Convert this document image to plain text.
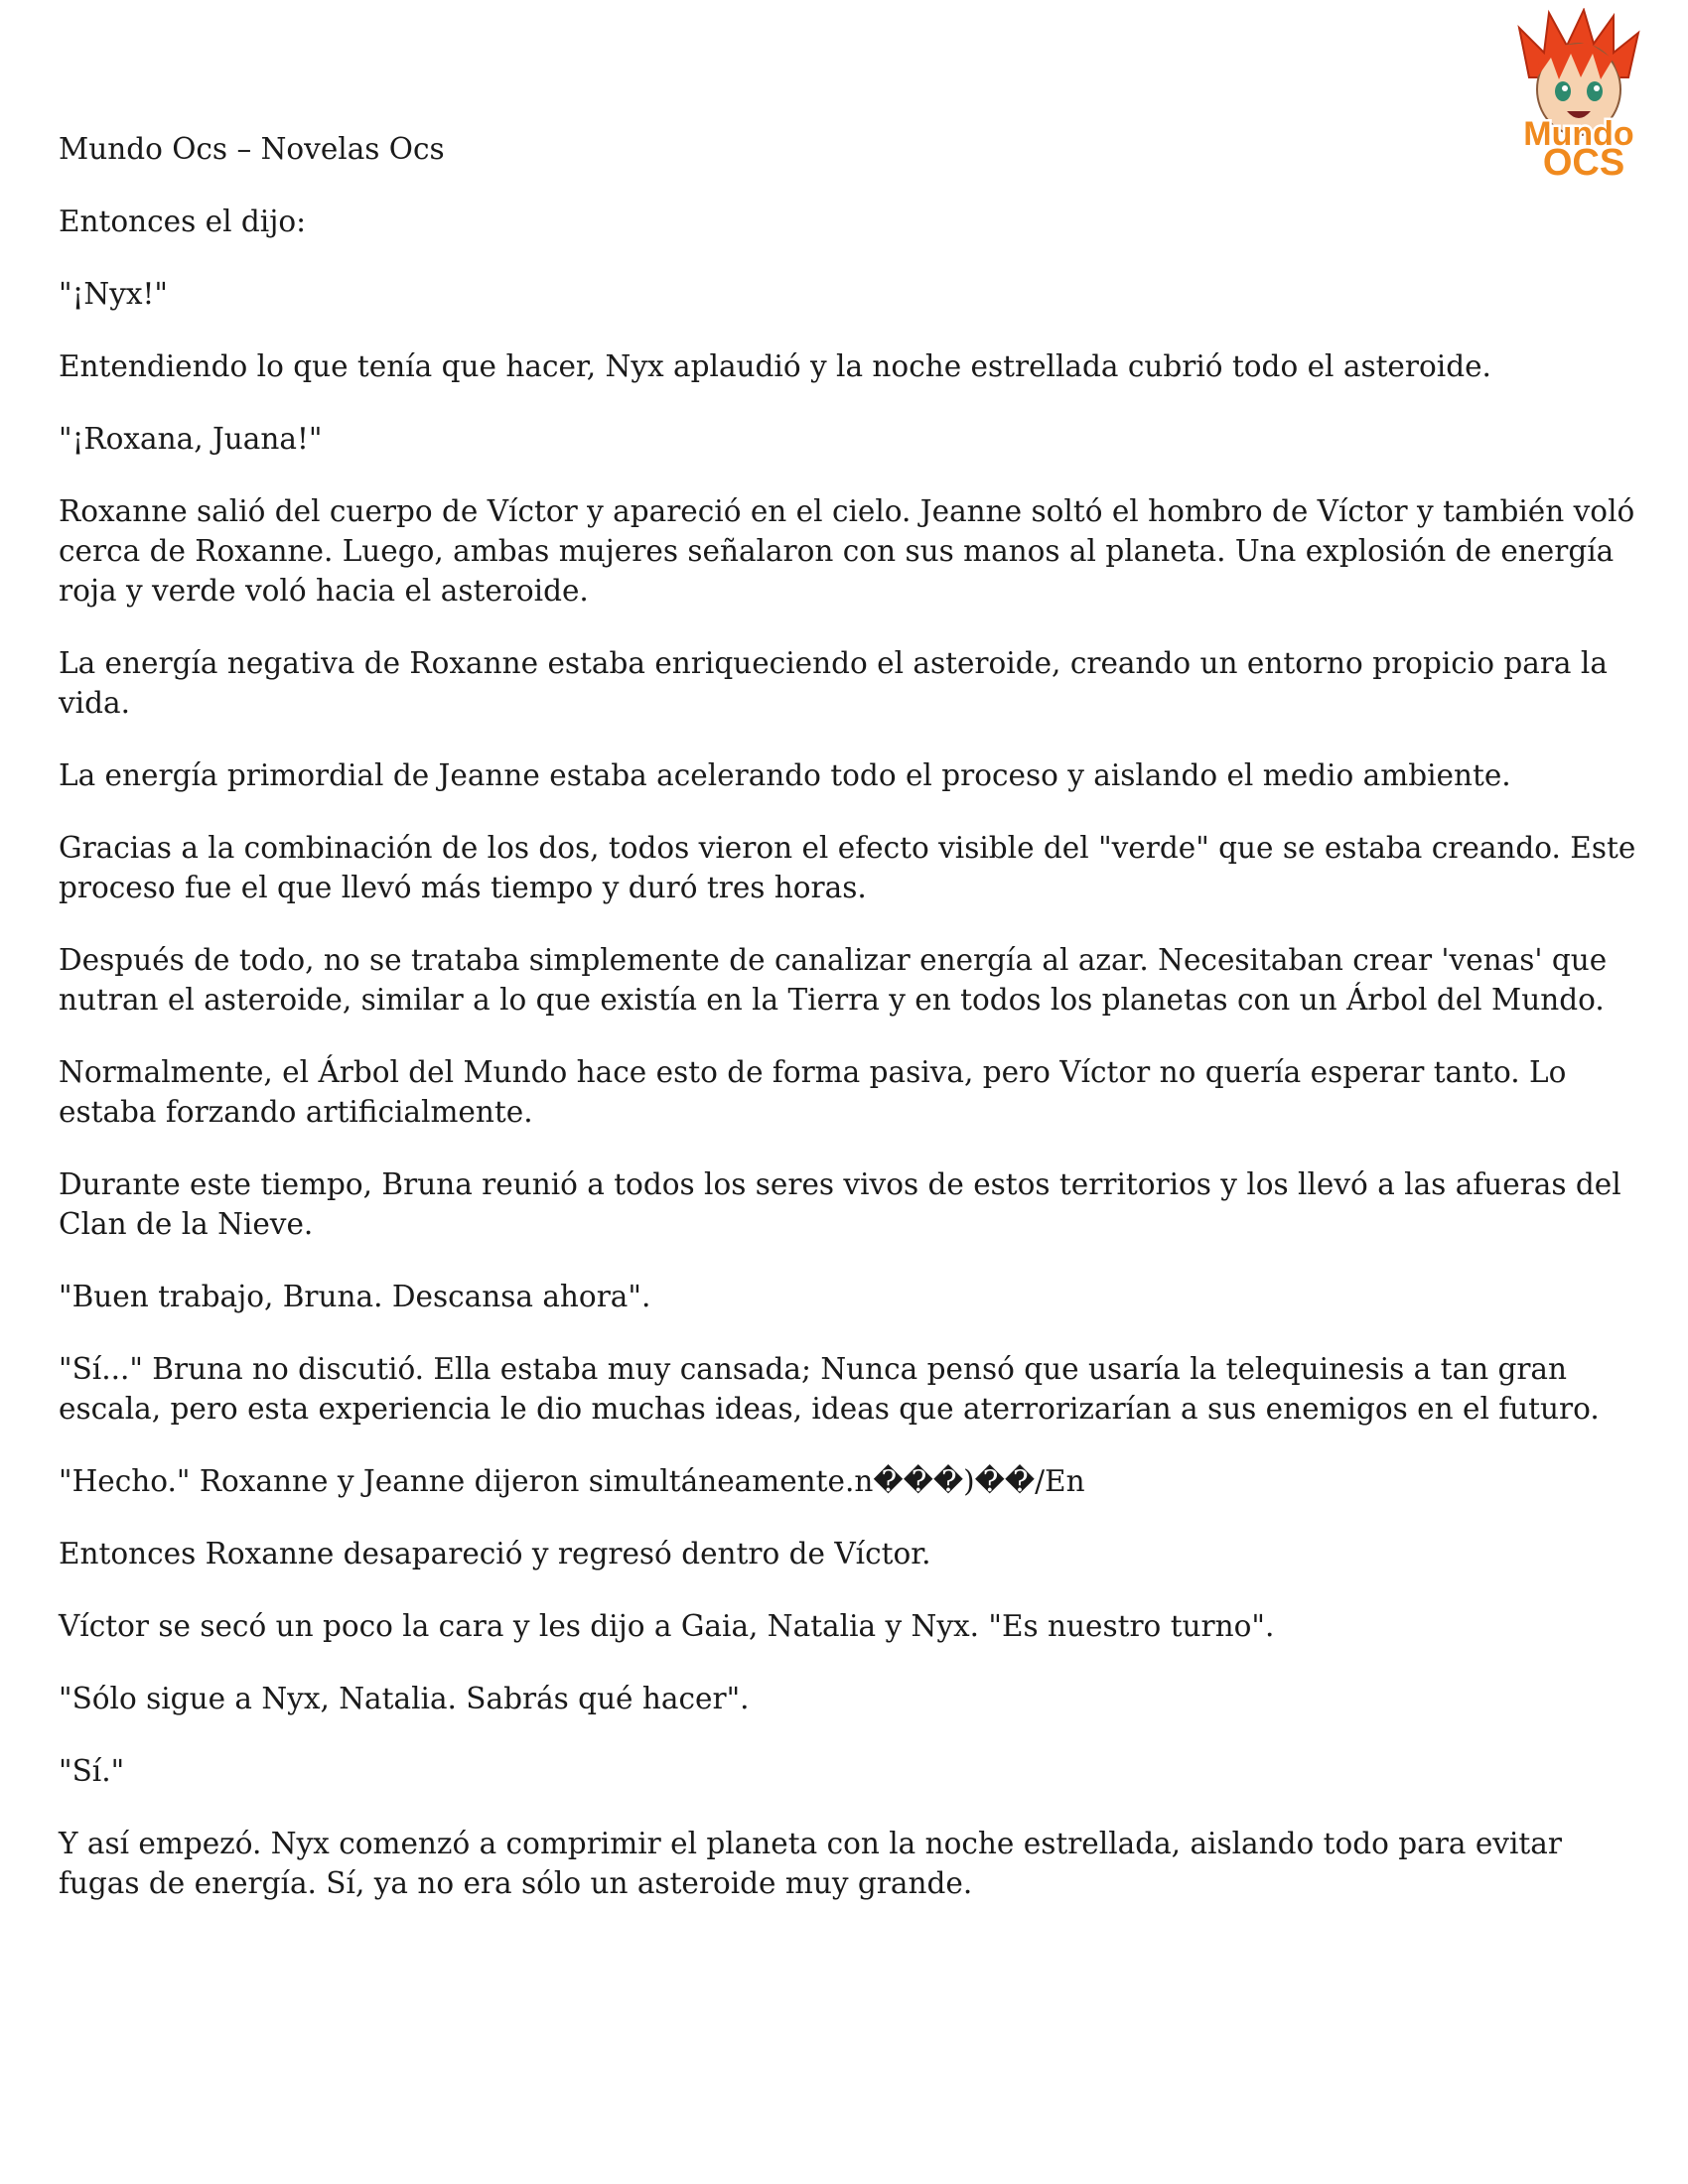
Mundo
OCS

Mundo Ocs – Novelas Ocs

Entonces el dijo:

"¡Nyx!"

Entendiendo lo que tenía que hacer, Nyx aplaudió y la noche estrellada cubrió todo el asteroide.

"¡Roxana, Juana!"

Roxanne salió del cuerpo de Víctor y apareció en el cielo. Jeanne soltó el hombro de Víctor y también voló cerca de Roxanne. Luego, ambas mujeres señalaron con sus manos al planeta. Una explosión de energía roja y verde voló hacia el asteroide.

La energía negativa de Roxanne estaba enriqueciendo el asteroide, creando un entorno propicio para la vida.

La energía primordial de Jeanne estaba acelerando todo el proceso y aislando el medio ambiente.

Gracias a la combinación de los dos, todos vieron el efecto visible del "verde" que se estaba creando. Este proceso fue el que llevó más tiempo y duró tres horas.

Después de todo, no se trataba simplemente de canalizar energía al azar. Necesitaban crear 'venas' que nutran el asteroide, similar a lo que existía en la Tierra y en todos los planetas con un Árbol del Mundo.

Normalmente, el Árbol del Mundo hace esto de forma pasiva, pero Víctor no quería esperar tanto. Lo estaba forzando artificialmente.

Durante este tiempo, Bruna reunió a todos los seres vivos de estos territorios y los llevó a las afueras del Clan de la Nieve.

"Buen trabajo, Bruna. Descansa ahora".

"Sí..." Bruna no discutió. Ella estaba muy cansada; Nunca pensó que usaría la telequinesis a tan gran escala, pero esta experiencia le dio muchas ideas, ideas que aterrorizarían a sus enemigos en el futuro.

"Hecho." Roxanne y Jeanne dijeron simultáneamente.n���)��/En

Entonces Roxanne desapareció y regresó dentro de Víctor.

Víctor se secó un poco la cara y les dijo a Gaia, Natalia y Nyx. "Es nuestro turno".

"Sólo sigue a Nyx, Natalia. Sabrás qué hacer".

"Sí."

Y así empezó. Nyx comenzó a comprimir el planeta con la noche estrellada, aislando todo para evitar fugas de energía. Sí, ya no era sólo un asteroide muy grande.
